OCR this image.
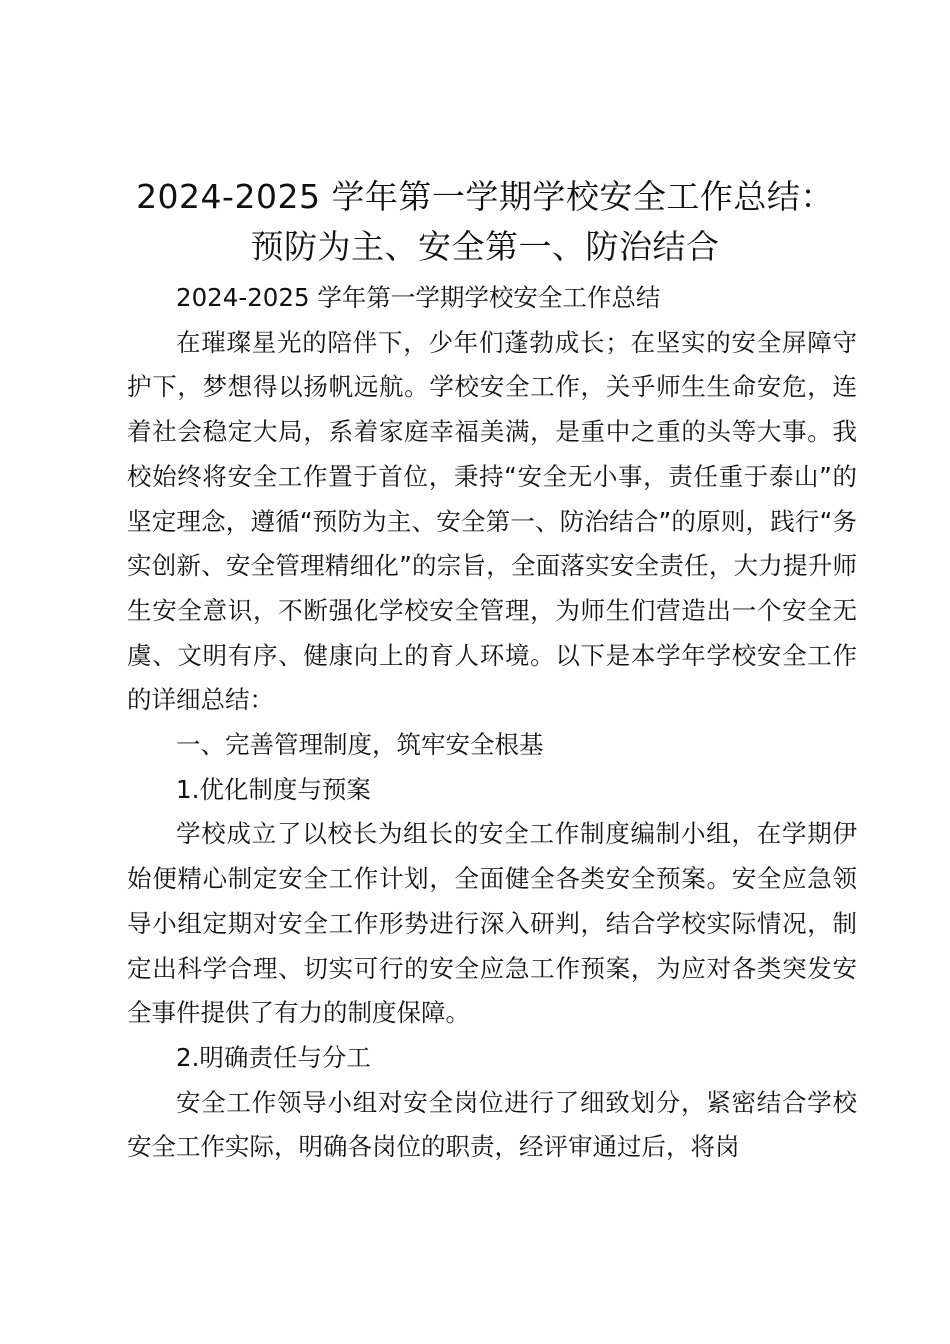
2024-2025 学年第一学期学校安全工作总结：
预防为主、安全第一、防治结合

2024-2025 学年第一学期学校安全工作总结

在璀璨星光的陪伴下，少年们蓬勃成长；在坚实的安全屏障守护下，梦想得以扬帆远航。学校安全工作，关乎师生生命安危，连着社会稳定大局，系着家庭幸福美满，是重中之重的头等大事。我校始终将安全工作置于首位，秉持“安全无小事，责任重于泰山”的坚定理念，遵循“预防为主、安全第一、防治结合”的原则，践行“务实创新、安全管理精细化”的宗旨，全面落实安全责任，大力提升师生安全意识，不断强化学校安全管理，为师生们营造出一个安全无虞、文明有序、健康向上的育人环境。以下是本学年学校安全工作的详细总结：

一、完善管理制度，筑牢安全根基

1.优化制度与预案

学校成立了以校长为组长的安全工作制度编制小组，在学期伊始便精心制定安全工作计划，全面健全各类安全预案。安全应急领导小组定期对安全工作形势进行深入研判，结合学校实际情况，制定出科学合理、切实可行的安全应急工作预案，为应对各类突发安全事件提供了有力的制度保障。

2.明确责任与分工

安全工作领导小组对安全岗位进行了细致划分，紧密结合学校安全工作实际，明确各岗位的职责，经评审通过后，将岗
